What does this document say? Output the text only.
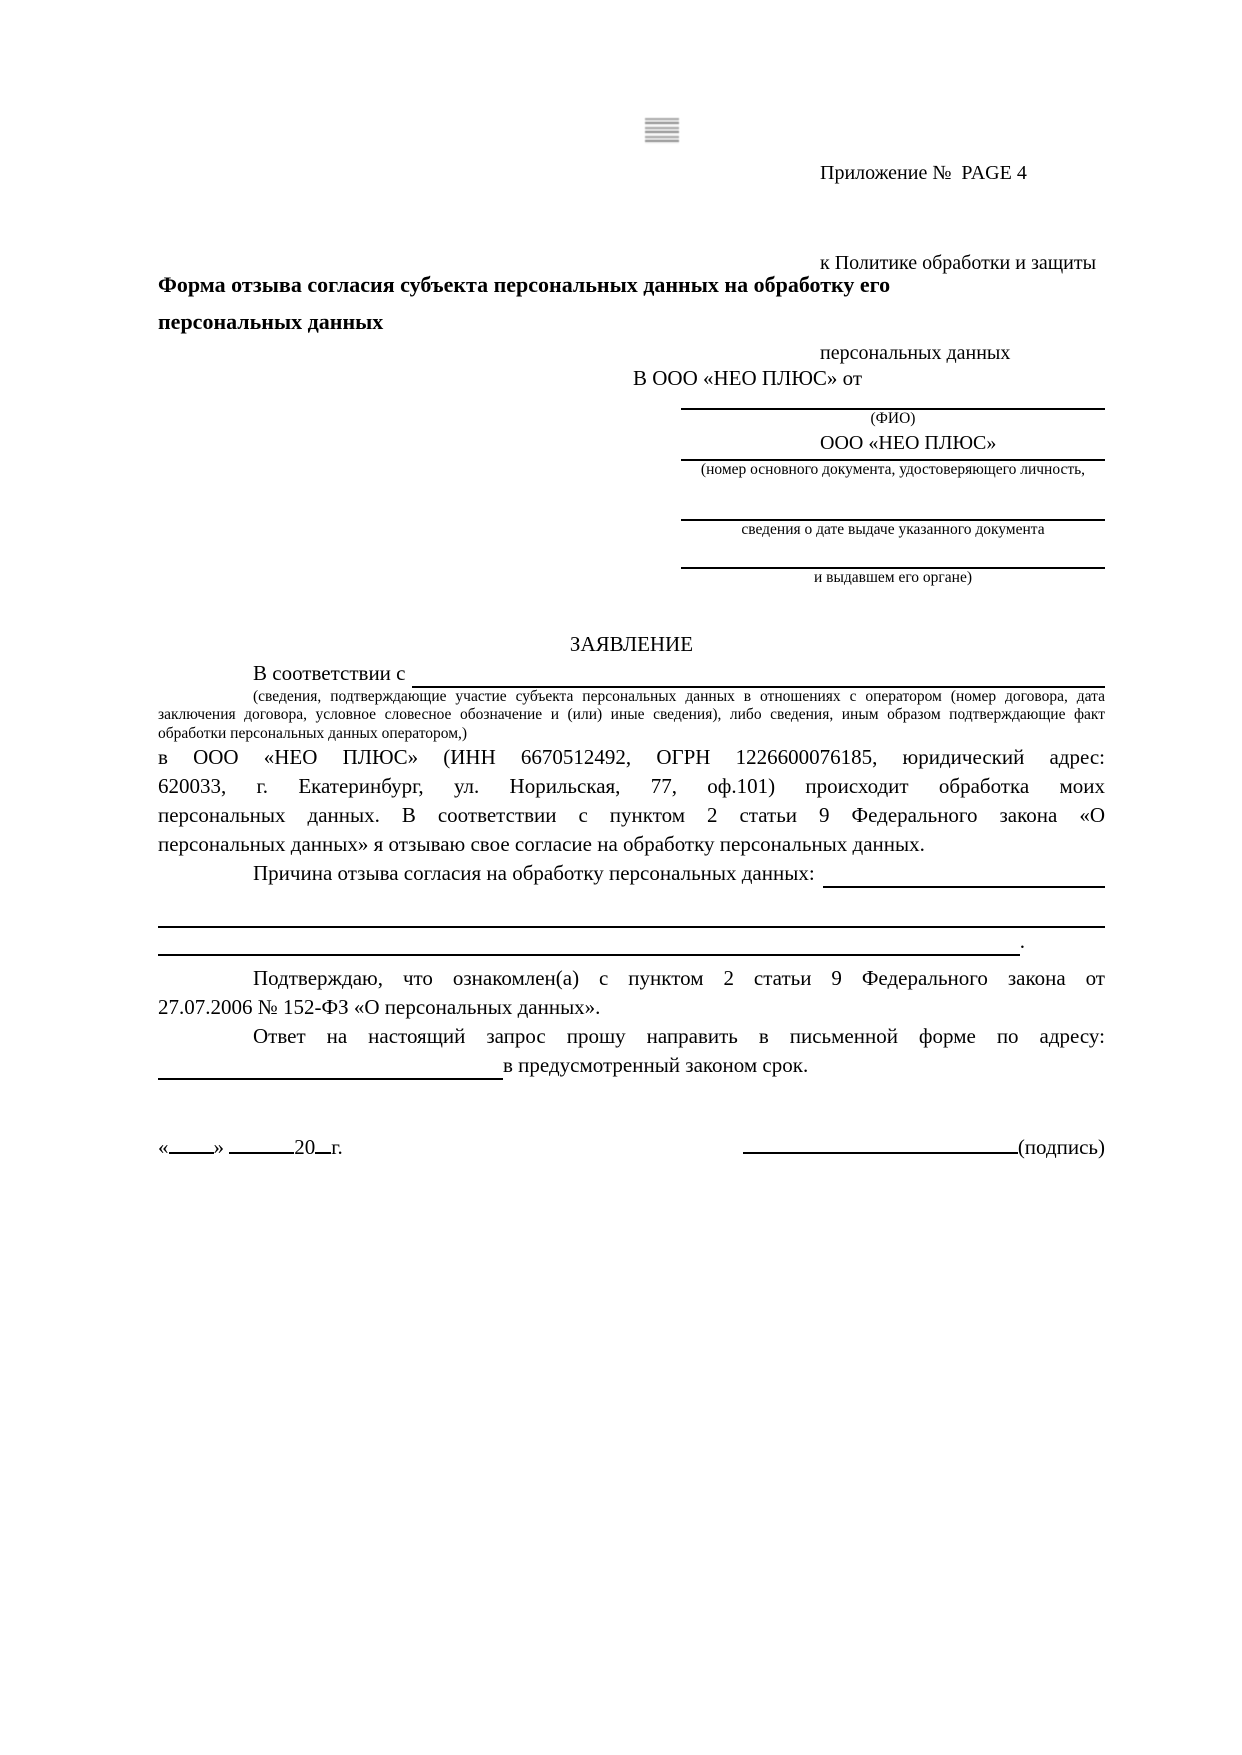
Приложение №  PAGE 4

к Политике обработки и защиты

персональных данных

ООО «НЕО ПЛЮС»

Форма отзыва согласия субъекта персональных данных на обработку его
персональных данных
В ООО «НЕО ПЛЮС» от
(ФИО)
(номер основного документа, удостоверяющего личность,
сведения о дате выдаче указанного документа
и выдавшем его органе)
ЗАЯВЛЕНИЕ
В соответствии с
(сведения, подтверждающие участие субъекта персональных данных в отношениях с оператором (номер договора, дата
заключения договора, условное словесное обозначение и (или) иные сведения), либо сведения, иным образом подтверждающие факт
обработки персональных данных оператором,)
в ООО «НЕО ПЛЮС» (ИНН 6670512492, ОГРН 1226600076185, юридический адрес:
620033, г. Екатеринбург, ул. Норильская, 77, оф.101) происходит обработка моих
персональных данных. В соответствии с пунктом 2 статьи 9 Федерального закона «О
персональных данных» я отзываю свое согласие на обработку персональных данных.
Причина отзыва согласия на обработку персональных данных:
.
Подтверждаю, что ознакомлен(а) с пунктом 2 статьи 9 Федерального закона от
27.07.2006 № 152-ФЗ «О персональных данных».
Ответ на настоящий запрос прошу направить в письменной форме по адресу:
в предусмотренный законом срок.
« »	20 г.	(подпись)
